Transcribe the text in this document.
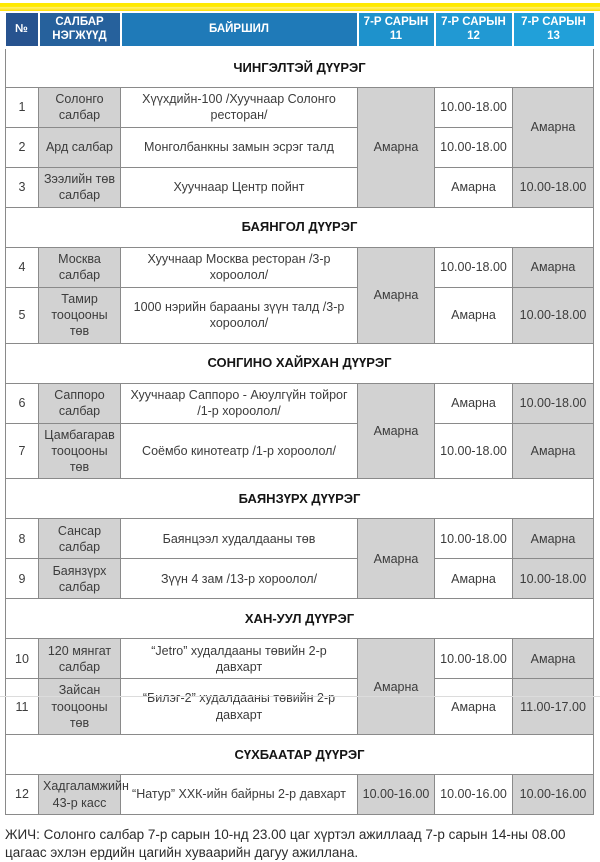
№	САЛБАР НЭГЖҮҮД	БАЙРШИЛ	7-Р САРЫН 11	7-Р САРЫН 12	7-Р САРЫН 13
ЧИНГЭЛТЭЙ ДҮҮРЭГ					
1	Солонго салбар	Хүүхдийн-100 /Хуучнаар Солонго ресторан/	Амарна	10.00-18.00	Амарна
2	Ард салбар	Монголбанкны замын эсрэг талд		10.00-18.00	
3	Зээлийн төв салбар	Хуучнаар Центр пойнт		Амарна	10.00-18.00
БАЯНГОЛ ДҮҮРЭГ					
4	Москва салбар	Хуучнаар Москва ресторан /3-р хороолол/	Амарна	10.00-18.00	Амарна
5	Тамир тооцооны төв	1000 нэрийн барааны зүүн талд /3-р хороолол/		Амарна	10.00-18.00
СОНГИНО ХАЙРХАН ДҮҮРЭГ					
6	Саппоро салбар	Хуучнаар Саппоро - Аюулгүйн тойрог /1-р хороолол/	Амарна	Амарна	10.00-18.00
7	Цамбагарав тооцооны төв	Соёмбо кинотеатр /1-р хороолол/		10.00-18.00	Амарна
БАЯНЗҮРХ ДҮҮРЭГ					
8	Сансар салбар	Баянцээл худалдааны төв	Амарна	10.00-18.00	Амарна
9	Баянзүрх салбар	Зүүн 4 зам /13-р хороолол/		Амарна	10.00-18.00
ХАН-УУЛ ДҮҮРЭГ					
10	120 мянгат салбар	“Jetro” худалдааны төвийн 2-р давхарт	Амарна	10.00-18.00	Амарна
11	Зайсан тооцооны төв	“Билэг-2” худалдааны төвийн 2-р давхарт		Амарна	11.00-17.00
СҮХБААТАР ДҮҮРЭГ					
12	Хадгаламжийн 43-р касс	“Натур” ХХК-ийн байрны 2-р давхарт	10.00-16.00	10.00-16.00	10.00-16.00
ЖИЧ: Солонго салбар 7-р сарын 10-нд 23.00 цаг хүртэл ажиллаад 7-р сарын 14-ны 08.00 цагаас эхлэн ердийн цагийн хуваарийн дагуу ажиллана.
